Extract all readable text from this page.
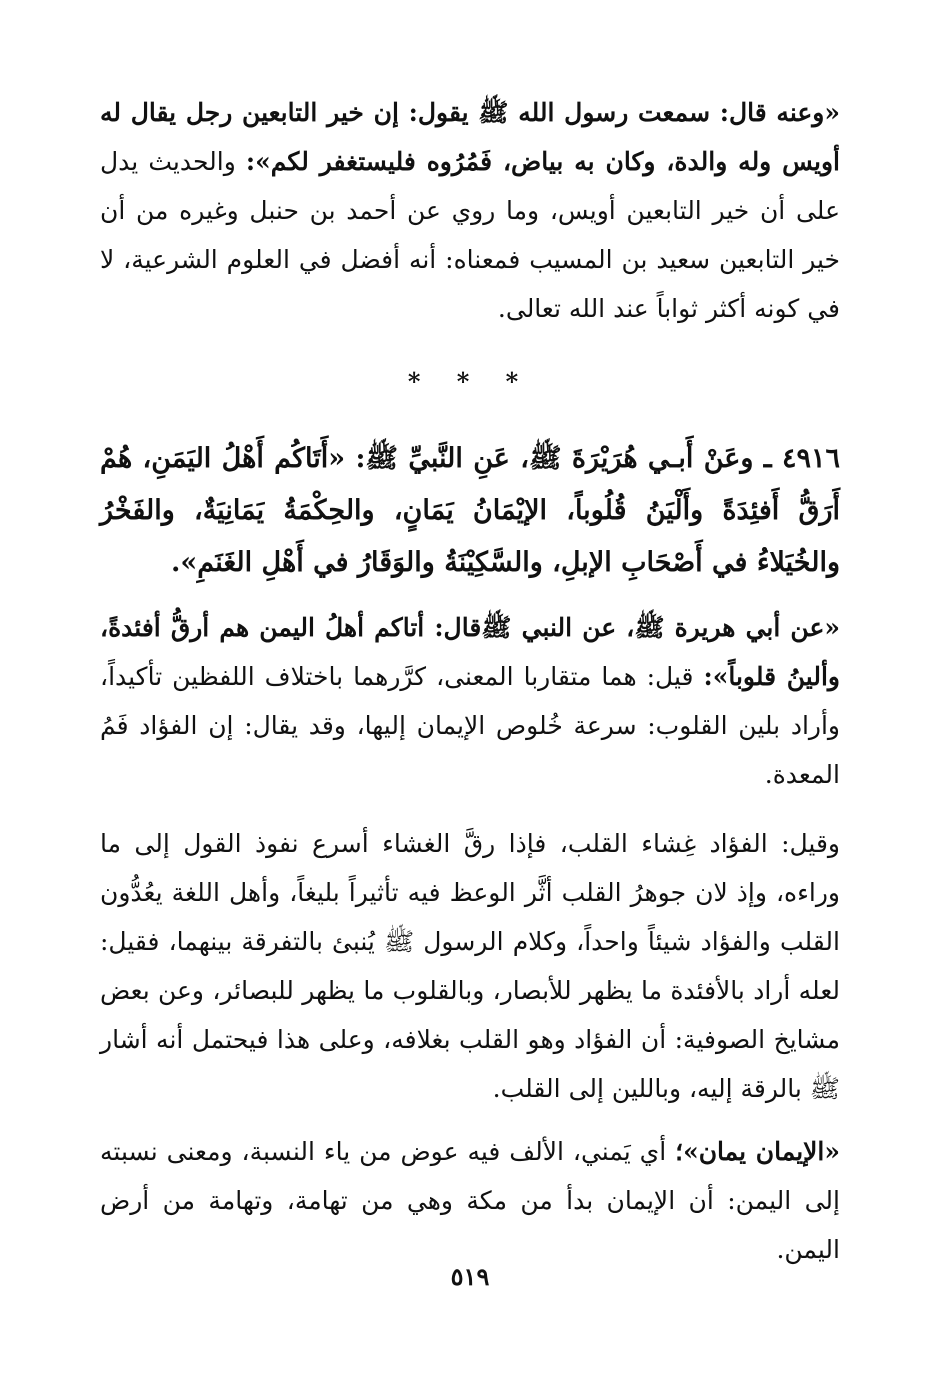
«وعنه قال: سمعت رسول الله ﷺ يقول: إن خير التابعين رجل يقال له أويس وله والدة، وكان به بياض، فَمُرُوه فليستغفر لكم»: والحديث يدل على أن خير التابعين أويس، وما روي عن أحمد بن حنبل وغيره من أن خير التابعين سعيد بن المسيب فمعناه: أنه أفضل في العلوم الشرعية، لا في كونه أكثر ثواباً عند الله تعالى.

* * *

٤٩١٦ ـ وعَنْ أَبـي هُرَيْرَةَ ﷺ، عَنِ النَّبيِّ ﷺ: «أَتَاكُم أَهْلُ اليَمَنِ، هُمْ أَرَقُّ أَفئِدَةً وأَلْيَنُ قُلُوباً، الإيْمَانُ يَمَانٍ، والحِكْمَةُ يَمَانِيَةٌ، والفَخْرُ والخُيَلاءُ في أَصْحَابِ الإبلِ، والسَّكِيْنَةُ والوَقَارُ في أَهْلِ الغَنَمِ».

«عن أبي هريرة ﷺ، عن النبي ﷺقال: أتاكم أهلُ اليمن هم أرقُّ أفئدةً، وألينُ قلوباً»: قيل: هما متقاربا المعنى، كرَّرهما باختلاف اللفظين تأكيداً، وأراد بلين القلوب: سرعة خُلوص الإيمان إليها، وقد يقال: إن الفؤاد فَمُ المعدة.

وقيل: الفؤاد غِشاء القلب، فإذا رقَّ الغشاء أسرع نفوذ القول إلى ما وراءه، وإذ لان جوهرُ القلب أثَّر الوعظ فيه تأثيراً بليغاً، وأهل اللغة يعُدُّون القلب والفؤاد شيئاً واحداً، وكلام الرسول ﷺ يُنبئ بالتفرقة بينهما، فقيل: لعله أراد بالأفئدة ما يظهر للأبصار، وبالقلوب ما يظهر للبصائر، وعن بعض مشايخ الصوفية: أن الفؤاد وهو القلب بغلافه، وعلى هذا فيحتمل أنه أشار ﷺ بالرقة إليه، وباللين إلى القلب.

«الإيمان يمان»؛ أي يَمني، الألف فيه عوض من ياء النسبة، ومعنى نسبته إلى اليمن: أن الإيمان بدأ من مكة وهي من تهامة، وتهامة من أرض اليمن.

٥١٩
